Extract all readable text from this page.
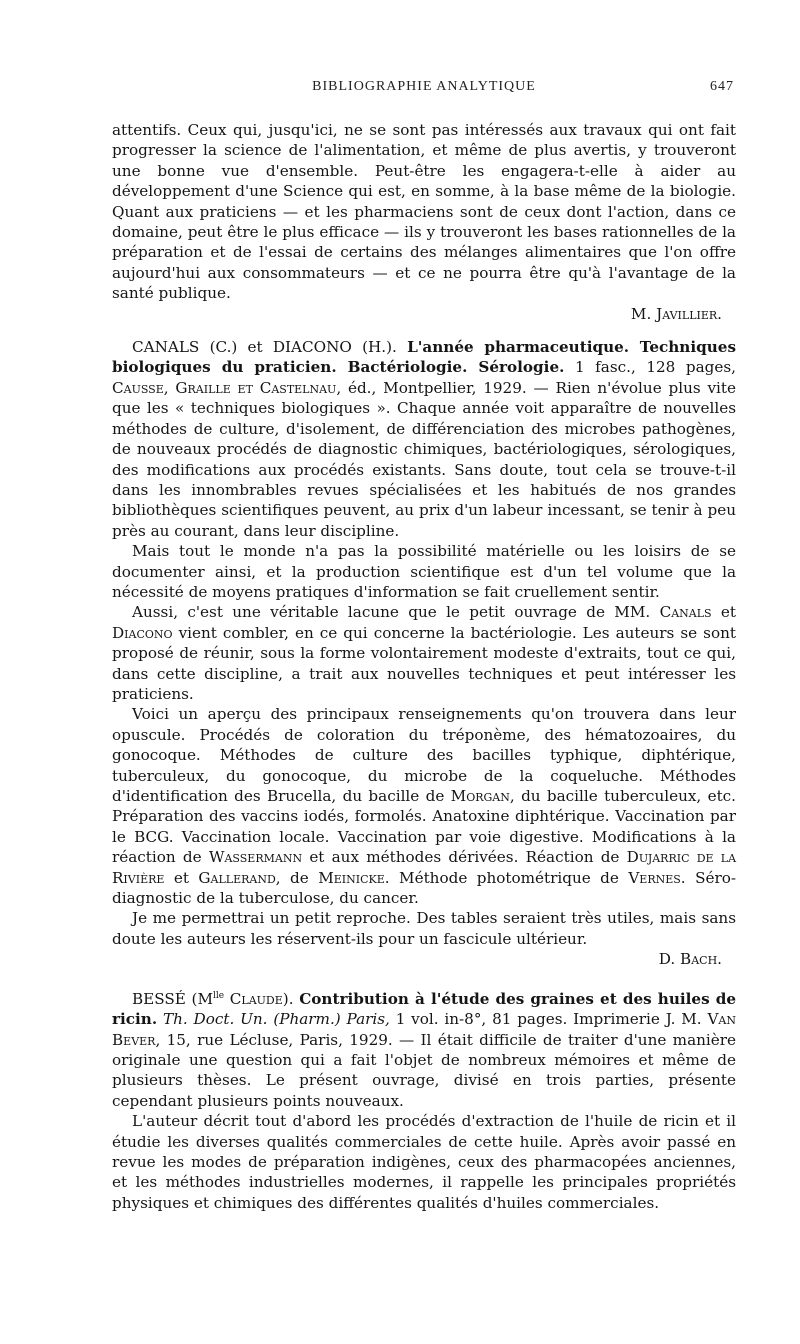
BIBLIOGRAPHIE ANALYTIQUE	647

attentifs. Ceux qui, jusqu'ici, ne se sont pas intéressés aux travaux qui ont fait progresser la science de l'alimentation, et même de plus avertis, y trouveront une bonne vue d'ensemble. Peut-être les engagera-t-elle à aider au développement d'une Science qui est, en somme, à la base même de la biologie. Quant aux praticiens — et les pharmaciens sont de ceux dont l'action, dans ce domaine, peut être le plus efficace — ils y trouveront les bases rationnelles de la préparation et de l'essai de certains des mélanges alimentaires que l'on offre aujourd'hui aux consommateurs — et ce ne pourra être qu'à l'avantage de la santé publique.

M. Javillier.

CANALS (C.) et DIACONO (H.). L'année pharmaceutique. Techniques biologiques du praticien. Bactériologie. Sérologie. 1 fasc., 128 pages, Causse, Graille et Castelnau, éd., Montpellier, 1929. — Rien n'évolue plus vite que les « techniques biologiques ». Chaque année voit apparaître de nouvelles méthodes de culture, d'isolement, de différenciation des microbes pathogènes, de nouveaux procédés de diagnostic chimiques, bactériologiques, sérologiques, des modifications aux procédés existants. Sans doute, tout cela se trouve-t-il dans les innombrables revues spécialisées et les habitués de nos grandes bibliothèques scientifiques peuvent, au prix d'un labeur incessant, se tenir à peu près au courant, dans leur discipline.

Mais tout le monde n'a pas la possibilité matérielle ou les loisirs de se documenter ainsi, et la production scientifique est d'un tel volume que la nécessité de moyens pratiques d'information se fait cruellement sentir.

Aussi, c'est une véritable lacune que le petit ouvrage de MM. Canals et Diacono vient combler, en ce qui concerne la bactériologie. Les auteurs se sont proposé de réunir, sous la forme volontairement modeste d'extraits, tout ce qui, dans cette discipline, a trait aux nouvelles techniques et peut intéresser les praticiens.

Voici un aperçu des principaux renseignements qu'on trouvera dans leur opuscule. Procédés de coloration du tréponème, des hématozoaires, du gonocoque. Méthodes de culture des bacilles typhique, diphtérique, tuberculeux, du gonocoque, du microbe de la coqueluche. Méthodes d'identification des Brucella, du bacille de Morgan, du bacille tuberculeux, etc. Préparation des vaccins iodés, formolés. Anatoxine diphtérique. Vaccination par le BCG. Vaccination locale. Vaccination par voie digestive. Modifications à la réaction de Wassermann et aux méthodes dérivées. Réaction de Dujarric de la Rivière et Gallerand, de Meinicke. Méthode photométrique de Vernes. Séro-diagnostic de la tuberculose, du cancer.

Je me permettrai un petit reproche. Des tables seraient très utiles, mais sans doute les auteurs les réservent-ils pour un fascicule ultérieur.

D. Bach.

BESSÉ ($M^{lle}$ Claude). Contribution à l'étude des graines et des huiles de ricin. Th. Doct. Un. (Pharm.) Paris, 1 vol. in-8°, 81 pages. Imprimerie J. M. Van Bever, 15, rue Lécluse, Paris, 1929. — Il était difficile de traiter d'une manière originale une question qui a fait l'objet de nombreux mémoires et même de plusieurs thèses. Le présent ouvrage, divisé en trois parties, présente cependant plusieurs points nouveaux.

L'auteur décrit tout d'abord les procédés d'extraction de l'huile de ricin et il étudie les diverses qualités commerciales de cette huile. Après avoir passé en revue les modes de préparation indigènes, ceux des pharmacopées anciennes, et les méthodes industrielles modernes, il rappelle les principales propriétés physiques et chimiques des différentes qualités d'huiles commerciales.
